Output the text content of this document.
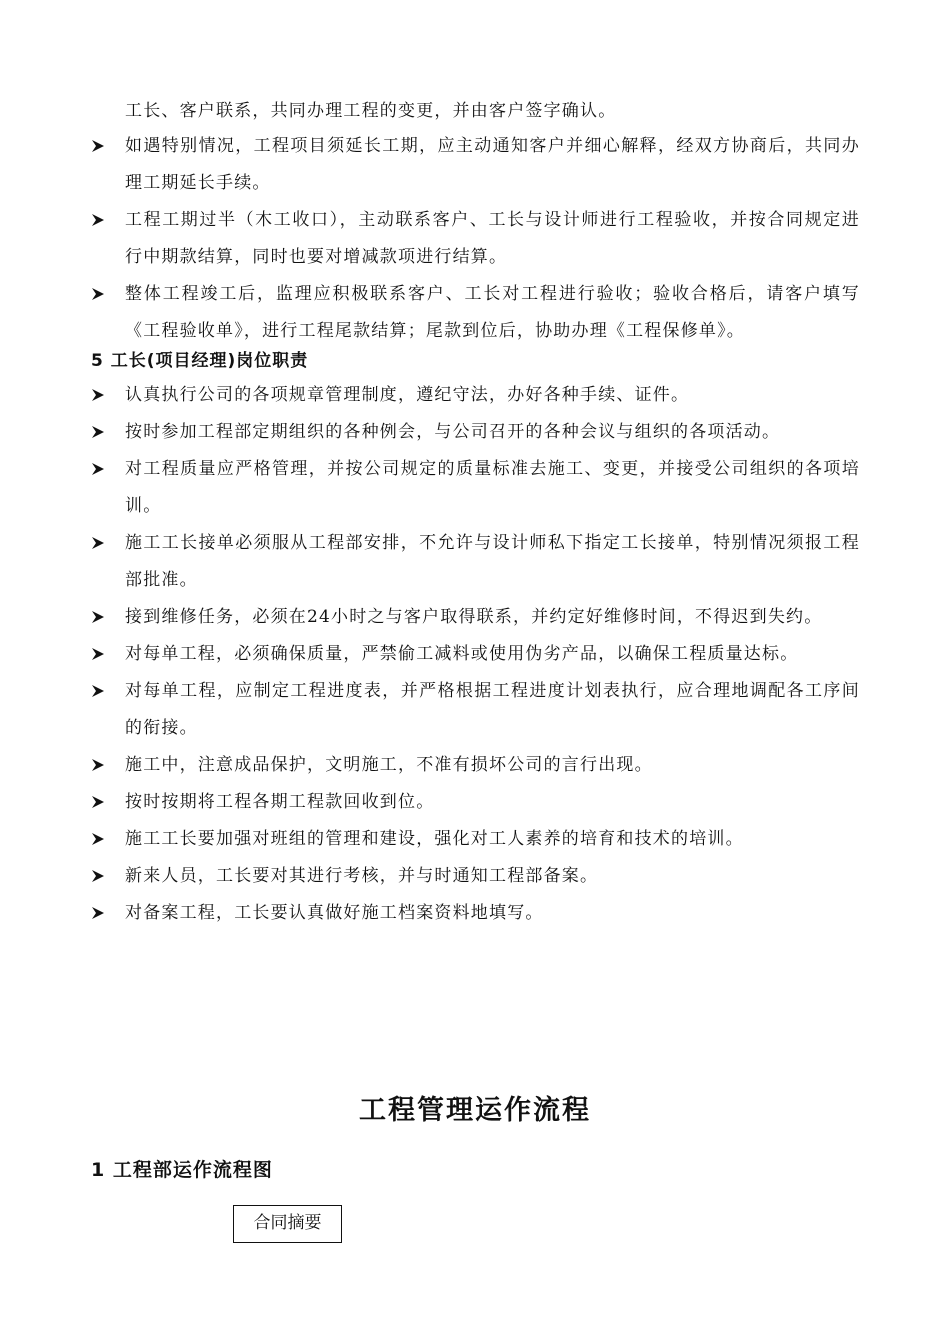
工长、客户联系，共同办理工程的变更，并由客户签字确认。
如遇特别情况，工程项目须延长工期，应主动通知客户并细心解释，经双方协商后，共同办理工期延长手续。
工程工期过半（木工收口），主动联系客户、工长与设计师进行工程验收，并按合同规定进行中期款结算，同时也要对增减款项进行结算。
整体工程竣工后，监理应积极联系客户、工长对工程进行验收；验收合格后，请客户填写《工程验收单》，进行工程尾款结算；尾款到位后，协助办理《工程保修单》。
5 工长(项目经理)岗位职责
认真执行公司的各项规章管理制度，遵纪守法，办好各种手续、证件。
按时参加工程部定期组织的各种例会，与公司召开的各种会议与组织的各项活动。
对工程质量应严格管理，并按公司规定的质量标准去施工、变更，并接受公司组织的各项培训。
施工工长接单必须服从工程部安排，不允许与设计师私下指定工长接单，特别情况须报工程部批准。
接到维修任务，必须在24小时之与客户取得联系，并约定好维修时间，不得迟到失约。
对每单工程，必须确保质量，严禁偷工减料或使用伪劣产品，以确保工程质量达标。
对每单工程，应制定工程进度表，并严格根据工程进度计划表执行，应合理地调配各工序间的衔接。
施工中，注意成品保护，文明施工，不准有损坏公司的言行出现。
按时按期将工程各期工程款回收到位。
施工工长要加强对班组的管理和建设，强化对工人素养的培育和技术的培训。
新来人员，工长要对其进行考核，并与时通知工程部备案。
对备案工程，工长要认真做好施工档案资料地填写。
工程管理运作流程
1 工程部运作流程图
合同摘要
